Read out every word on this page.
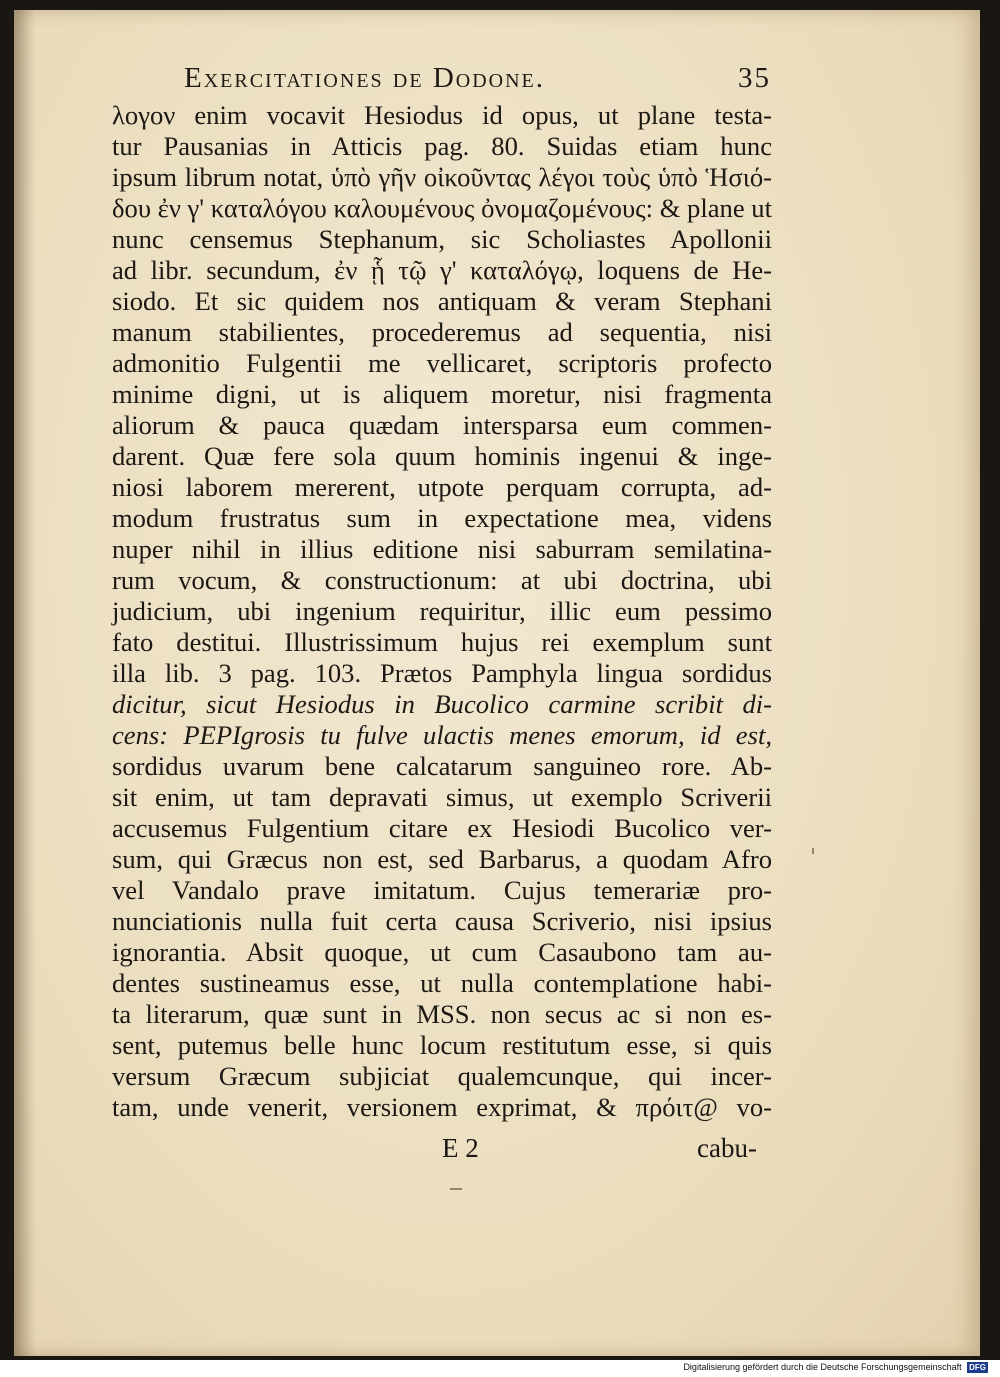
Exercitationes de Dodone.	35
λογον enim vocavit Hesiodus id opus, ut plane testa-
tur Pausanias in Atticis pag. 80. Suidas etiam hunc
ipsum librum notat, ὑπὸ γῆν οἰκοῦντας λέγοι τοὺς ὑπὸ Ἡσιό-
δου ἐν γ' καταλόγου καλουμένους ὀνομαζομένους: & plane ut
nunc censemus Stephanum, sic Scholiastes Apollonii
ad libr. secundum, ἐν ᾗ τῷ γ' καταλόγῳ, loquens de He-
siodo. Et sic quidem nos antiquam & veram Stephani
manum stabilientes, procederemus ad sequentia, nisi
admonitio Fulgentii me vellicaret, scriptoris profecto
minime digni, ut is aliquem moretur, nisi fragmenta
aliorum & pauca quædam intersparsa eum commen-
darent. Quæ fere sola quum hominis ingenui & inge-
niosi laborem mererent, utpote perquam corrupta, ad-
modum frustratus sum in expectatione mea, videns
nuper nihil in illius editione nisi saburram semilatina-
rum vocum, & constructionum: at ubi doctrina, ubi
judicium, ubi ingenium requiritur, illic eum pessimo
fato destitui. Illustrissimum hujus rei exemplum sunt
illa lib. 3 pag. 103. Prætos Pamphyla lingua sordidus
dicitur, sicut Hesiodus in Bucolico carmine scribit di-
cens: PEPIgrosis tu fulve ulactis menes emorum, id est,
sordidus uvarum bene calcatarum sanguineo rore. Ab-
sit enim, ut tam depravati simus, ut exemplo Scriverii
accusemus Fulgentium citare ex Hesiodi Bucolico ver-
sum, qui Græcus non est, sed Barbarus, a quodam Afro
vel Vandalo prave imitatum. Cujus temerariæ pro-
nunciationis nulla fuit certa causa Scriverio, nisi ipsius
ignorantia. Absit quoque, ut cum Casaubono tam au-
dentes sustineamus esse, ut nulla contemplatione habi-
ta literarum, quæ sunt in MSS. non secus ac si non es-
sent, putemus belle hunc locum restitutum esse, si quis
versum Græcum subjiciat qualemcunque, qui incer-
tam, unde venerit, versionem exprimat, & πρόιτ@ vo-
E 2	cabu-
Digitalisierung gefördert durch die Deutsche Forschungsgemeinschaft DFG
